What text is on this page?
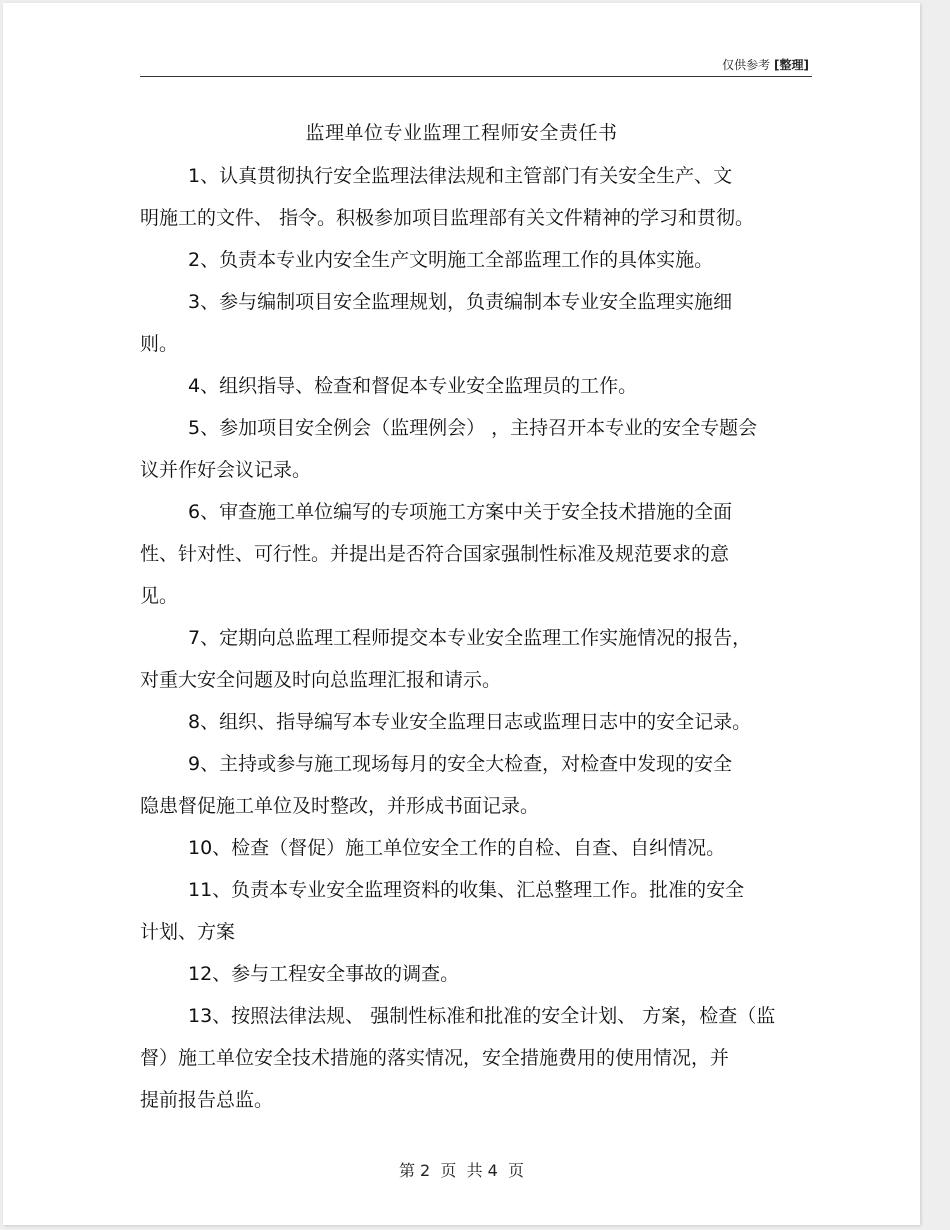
仅供参考 [整理]
监理单位专业监理工程师安全责任书
1、认真贯彻执行安全监理法律法规和主管部门有关安全生产、文
明施工的文件、 指令。积极参加项目监理部有关文件精神的学习和贯彻。
2、负责本专业内安全生产文明施工全部监理工作的具体实施。
3、参与编制项目安全监理规划，负责编制本专业安全监理实施细
则。
4、组织指导、检查和督促本专业安全监理员的工作。
5、参加项目安全例会（监理例会） ，主持召开本专业的安全专题会
议并作好会议记录。
6、审查施工单位编写的专项施工方案中关于安全技术措施的全面
性、针对性、可行性。并提出是否符合国家强制性标准及规范要求的意
见。
7、定期向总监理工程师提交本专业安全监理工作实施情况的报告，
对重大安全问题及时向总监理汇报和请示。
8、组织、指导编写本专业安全监理日志或监理日志中的安全记录。
9、主持或参与施工现场每月的安全大检查，对检查中发现的安全
隐患督促施工单位及时整改，并形成书面记录。
10、检查（督促）施工单位安全工作的自检、自查、自纠情况。
11、负责本专业安全监理资料的收集、汇总整理工作。批准的安全
计划、方案
12、参与工程安全事故的调查。
13、按照法律法规、 强制性标准和批准的安全计划、 方案，检查（监
督）施工单位安全技术措施的落实情况，安全措施费用的使用情况，并
提前报告总监。
第 2  页  共 4  页
